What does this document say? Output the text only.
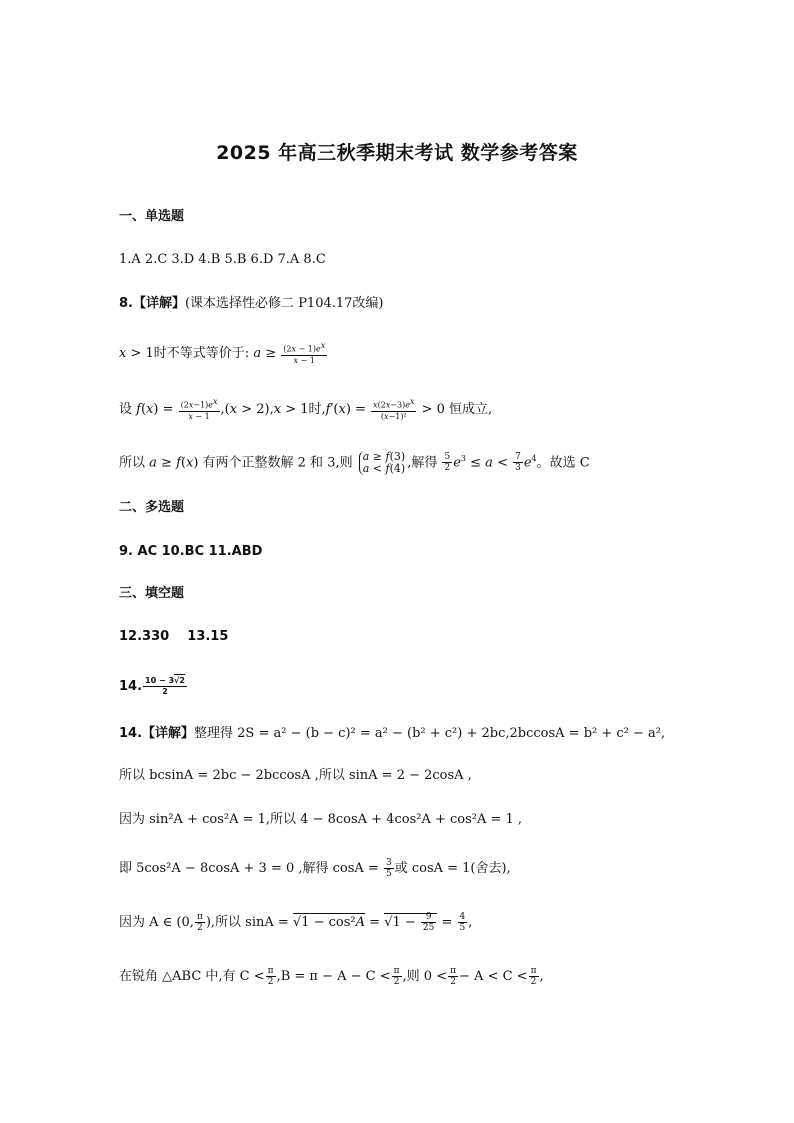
2025 年高三秋季期末考试 数学参考答案
一、单选题
1.A 2.C 3.D 4.B 5.B 6.D 7.A 8.C
8.【详解】(课本选择性必修二 P104.17改编)
x > 1时不等式等价于: $a \ge \frac{(2x - 1)e^x}{x - 1}$
设 $f(x) = \frac{(2x-1)e^x}{x - 1} ,(x > 2),x > 1$时$,f'(x) = \frac{x(2x-3)e^x}{\text{(x−1)²}} > 0$ 恒成立,
所以 a ≥ f(x) 有两个正整数解 2 和 3,则 a ≥ f(3)
a < f(4) ,解得 $\frac{5}{2} e^3 \le a < \frac{7}{3} e^4$。故选 C
二、多选题
9. AC 10.BC 11.ABD
三、填空题
12.330    13.15
14. $\frac{10 - 3√2}{2}$
14.【详解】整理得 2S = a² − (b − c)² = a² − (b² + c²) + 2bc,2bccosA = b² + c² − a²,
所以 bcsinA = 2bc − 2bccosA ,所以 sinA = 2 − 2cosA ,
因为 sin²A + cos²A = 1,所以 4 − 8cosA + 4cos²A + cos²A = 1 ,
即 5cos²A − 8cosA + 3 = 0 ,解得 $\cos A = \frac{3}{5}$ 或 cosA = 1(舍去),
因为 A ∈ (0, $\frac{\pi}{2}$ ),所以 $\sin A = √1 - \cos^2A = √1 - \frac{9}{25} = \frac{4}{5}$ ,
在锐角 △ABC 中,有 $C < \frac{\pi}{2} ,B = \pi - A - C < \frac{\pi}{2}$ ,则 $0 < \frac{\pi}{2} - A < C < \frac{\pi}{2}$ ,
